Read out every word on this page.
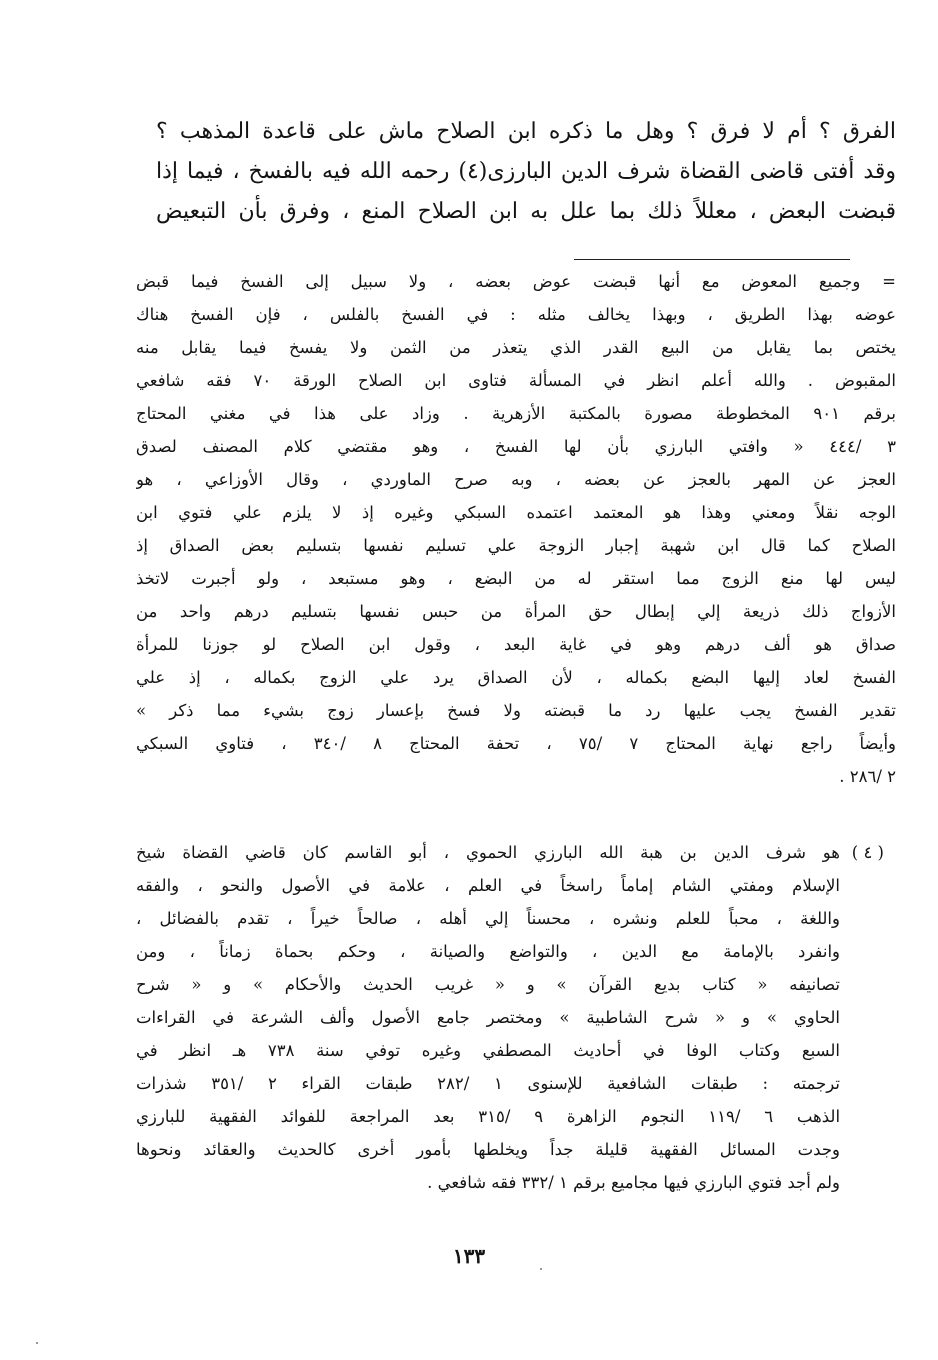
الفرق ؟ أم لا فرق ؟ وهل ما ذكره ابن الصلاح ماش على قاعدة المذهب ؟
وقد أفتى قاضى القضاة شرف الدين البارزى(٤) رحمه الله فيه بالفسخ ، فيما إذا
قبضت البعض ، معللاً ذلك بما علل به ابن الصلاح المنع ، وفرق بأن التبعيض
= وجميع المعوض مع أنها قبضت عوض بعضه ، ولا سبيل إلى الفسخ فيما قبض
عوضه بهذا الطريق ، وبهذا يخالف مثله : في الفسخ بالفلس ، فإن الفسخ هناك
يختص بما يقابل من البيع القدر الذي يتعذر من الثمن ولا يفسخ فيما يقابل منه
المقبوض . والله أعلم انظر في المسألة فتاوى ابن الصلاح الورقة ٧٠ فقه شافعي
برقم ٩٠١ المخطوطة مصورة بالمكتبة الأزهرية . وزاد على هذا في مغني المحتاج
٣ /٤٤٤ « وافتي البارزي بأن لها الفسخ ، وهو مقتضي كلام المصنف لصدق
العجز عن المهر بالعجز عن بعضه ، وبه صرح الماوردي ، وقال الأوزاعي ، هو
الوجه نقلاً ومعني وهذا هو المعتمد اعتمده السبكي وغيره إذ لا يلزم علي فتوي ابن
الصلاح كما قال ابن شهبة إجبار الزوجة علي تسليم نفسها بتسليم بعض الصداق إذ
ليس لها منع الزوج مما استقر له من البضع ، وهو مستبعد ، ولو أجبرت لاتخذ
الأزواج ذلك ذريعة إلي إبطال حق المرأة من حبس نفسها بتسليم درهم واحد من
صداق هو ألف درهم وهو في غاية البعد ، وقول ابن الصلاح لو جوزنا للمرأة
الفسخ لعاد إليها البضع بكماله ، لأن الصداق يرد علي الزوج بكماله ، إذ علي
تقدير الفسخ يجب عليها رد ما قبضته ولا فسخ بإعسار زوج بشيء مما ذكر »
وأيضاً راجع نهاية المحتاج ٧ /٧٥ ، تحفة المحتاج ٨ /٣٤٠ ، فتاوي السبكي
٢ /٢٨٦ .
( ٤ )
هو شرف الدين بن هبة الله البارزي الحموي ، أبو القاسم كان قاضي القضاة شيخ
الإسلام ومفتي الشام إماماً راسخاً في العلم ، علامة في الأصول والنحو ، والفقه
واللغة ، محباً للعلم ونشره ، محسناً إلي أهله ، صالحاً خيراً ، تقدم بالفضائل ،
وانفرد بالإمامة مع الدين ، والتواضع والصيانة ، وحكم بحماة زماناً ، ومن
تصانيفه « كتاب بديع القرآن » و « غريب الحديث والأحكام » و « شرح
الحاوي » و « شرح الشاطبية » ومختصر جامع الأصول وألف الشرعة في القراءات
السبع وكتاب الوفا في أحاديث المصطفي وغيره توفي سنة ٧٣٨ هـ انظر في
ترجمته : طبقات الشافعية للإسنوى ١ /٢٨٢ طبقات القراء ٢ /٣٥١ شذرات
الذهب ٦ /١١٩ النجوم الزاهرة ٩ /٣١٥ بعد المراجعة للفوائد الفقهية للبارزي
وجدت المسائل الفقهية قليلة جداً ويخلطها بأمور أخرى كالحديث والعقائد ونحوها
ولم أجد فتوي البارزي فيها مجاميع برقم ١ /٣٣٢ فقه شافعي .
١٣٣
